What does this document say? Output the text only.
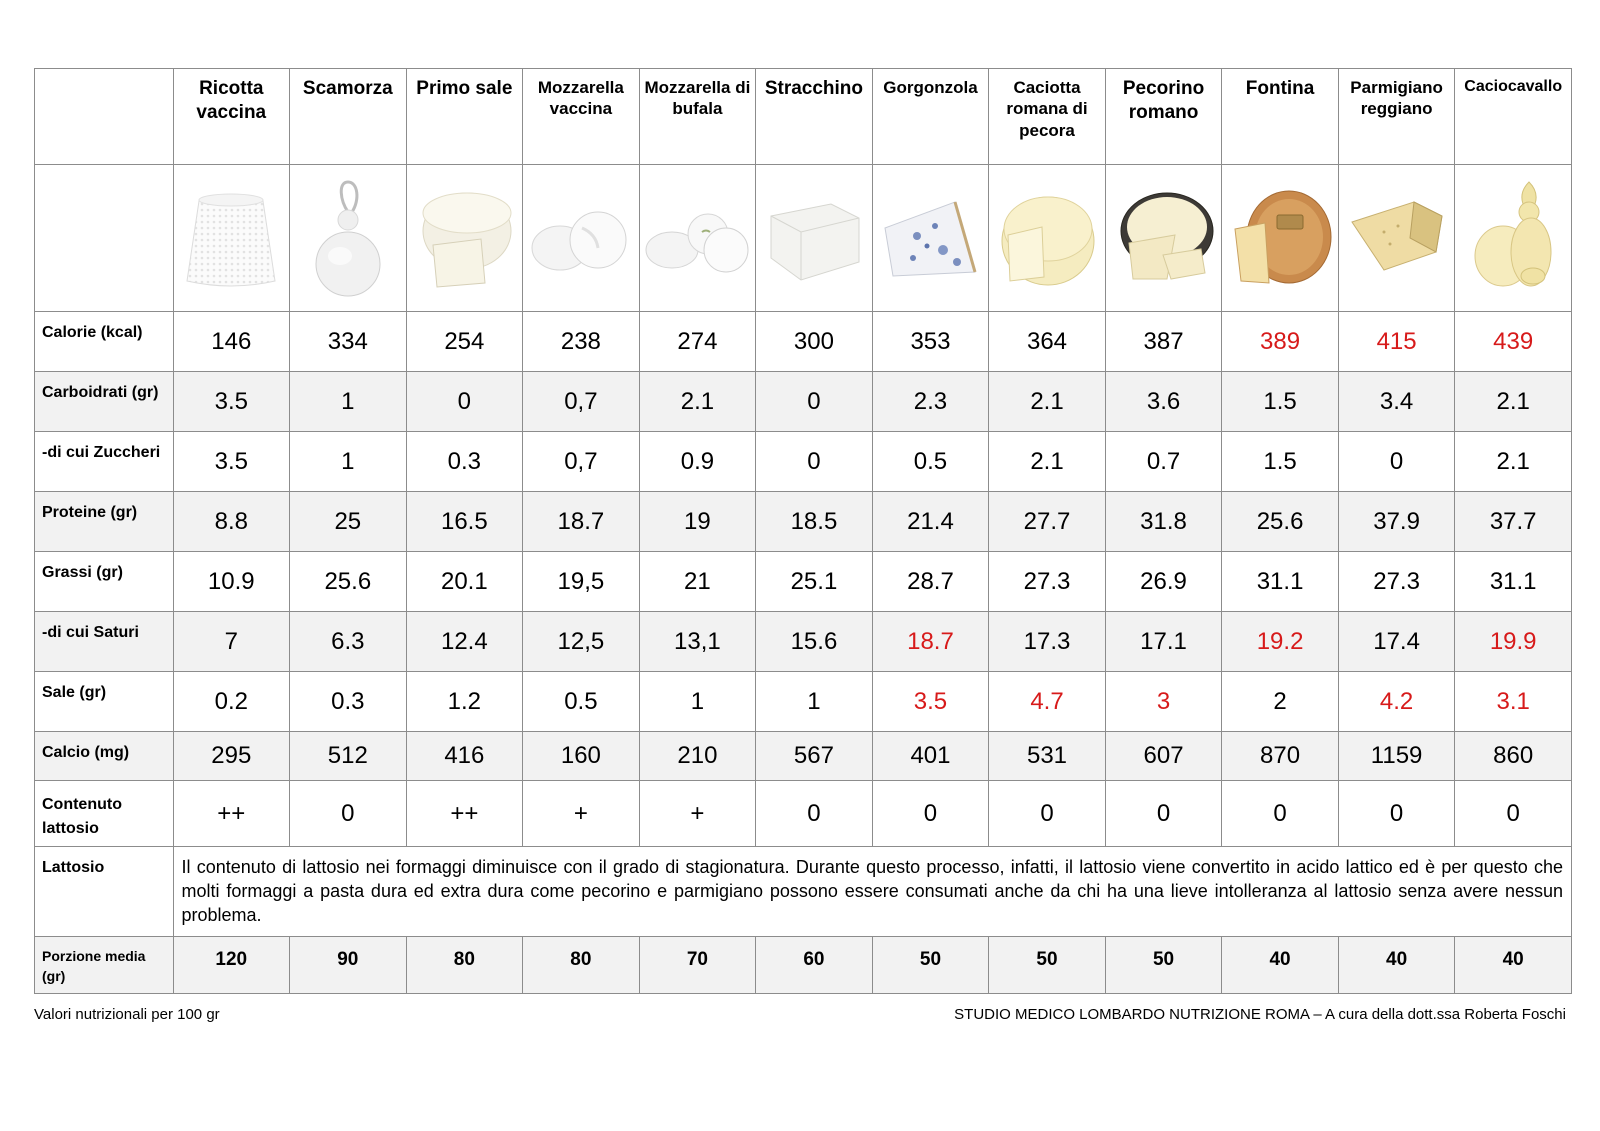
	Ricotta vaccina	Scamorza	Primo sale	Mozzarella vaccina	Mozzarella di bufala	Stracchino	Gorgonzola	Caciotta romana di pecora	Pecorino romano	Fontina	Parmigiano reggiano	Caciocavallo

Calorie (kcal)	146	334	254	238	274	300	353	364	387	389	415	439
Carboidrati (gr)	3.5	1	0	0,7	2.1	0	2.3	2.1	3.6	1.5	3.4	2.1
-di cui Zuccheri	3.5	1	0.3	0,7	0.9	0	0.5	2.1	0.7	1.5	0	2.1
Proteine (gr)	8.8	25	16.5	18.7	19	18.5	21.4	27.7	31.8	25.6	37.9	37.7
Grassi (gr)	10.9	25.6	20.1	19,5	21	25.1	28.7	27.3	26.9	31.1	27.3	31.1
-di cui Saturi	7	6.3	12.4	12,5	13,1	15.6	18.7	17.3	17.1	19.2	17.4	19.9
Sale (gr)	0.2	0.3	1.2	0.5	1	1	3.5	4.7	3	2	4.2	3.1
Calcio (mg)	295	512	416	160	210	567	401	531	607	870	1159	860
Contenuto lattosio	++	0	++	+	+	0	0	0	0	0	0	0
Lattosio	Il contenuto di lattosio nei formaggi diminuisce con il grado di stagionatura. Durante questo processo, infatti, il lattosio viene convertito in acido lattico ed è per questo che molti formaggi a pasta dura ed extra dura come pecorino e parmigiano possono essere consumati anche da chi ha una lieve intolleranza al lattosio senza avere nessun problema.											
Porzione media (gr)	120	90	80	80	70	60	50	50	50	40	40	40
Valori nutrizionali per 100 gr	STUDIO MEDICO LOMBARDO NUTRIZIONE ROMA – A cura della dott.ssa Roberta Foschi
